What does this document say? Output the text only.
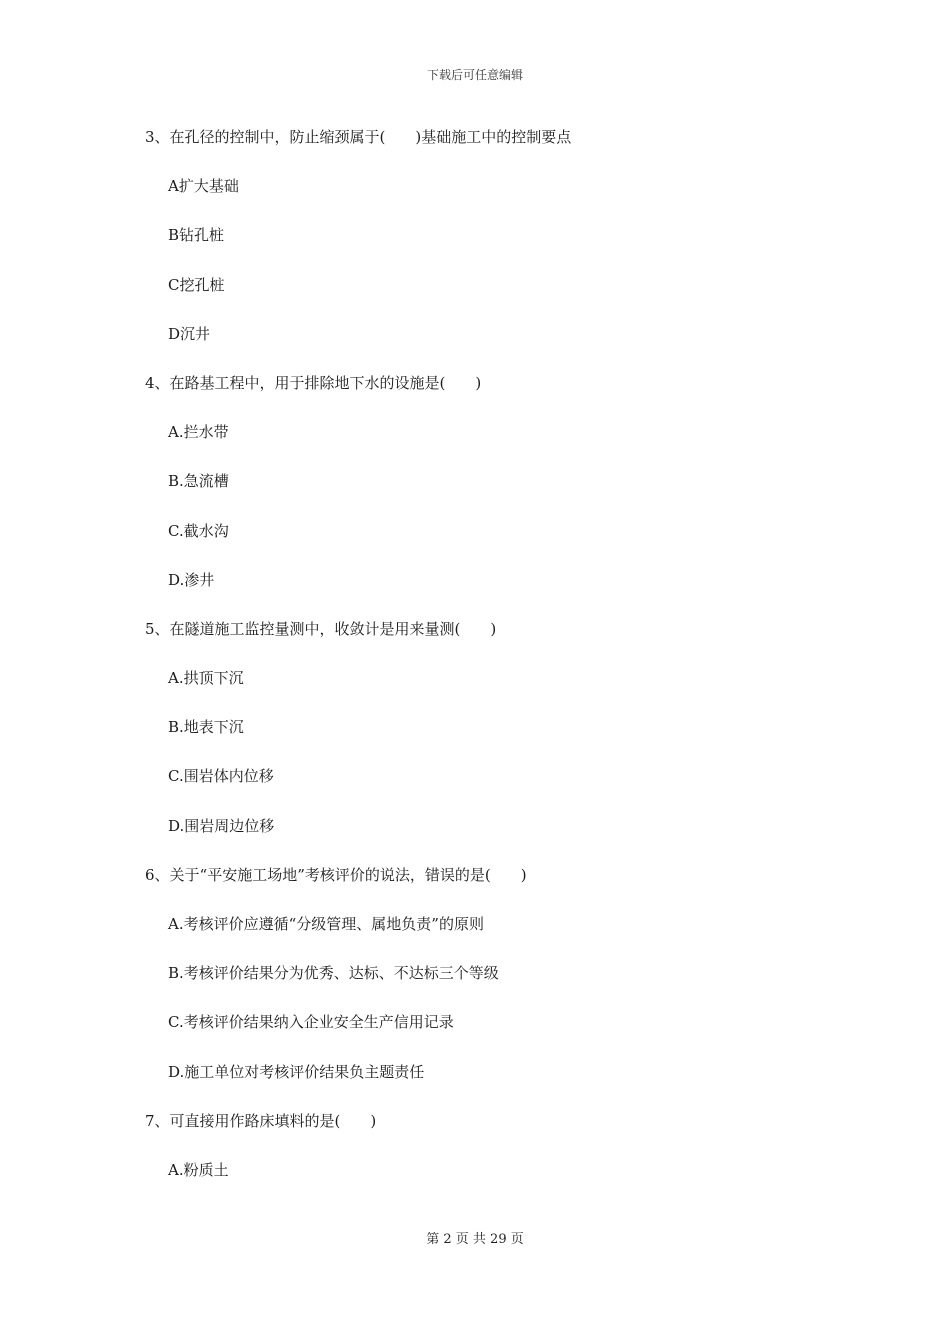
下载后可任意编辑
3、在孔径的控制中，防止缩颈属于(　　)基础施工中的控制要点
A扩大基础
B钻孔桩
C挖孔桩
D沉井
4、在路基工程中，用于排除地下水的设施是(　　)
A.拦水带
B.急流槽
C.截水沟
D.渗井
5、在隧道施工监控量测中，收敛计是用来量测(　　)
A.拱顶下沉
B.地表下沉
C.围岩体内位移
D.围岩周边位移
6、关于“平安施工场地”考核评价的说法，错误的是(　　)
A.考核评价应遵循“分级管理、属地负责”的原则
B.考核评价结果分为优秀、达标、不达标三个等级
C.考核评价结果纳入企业安全生产信用记录
D.施工单位对考核评价结果负主题责任
7、可直接用作路床填料的是(　　)
A.粉质土
第 2 页 共 29 页
